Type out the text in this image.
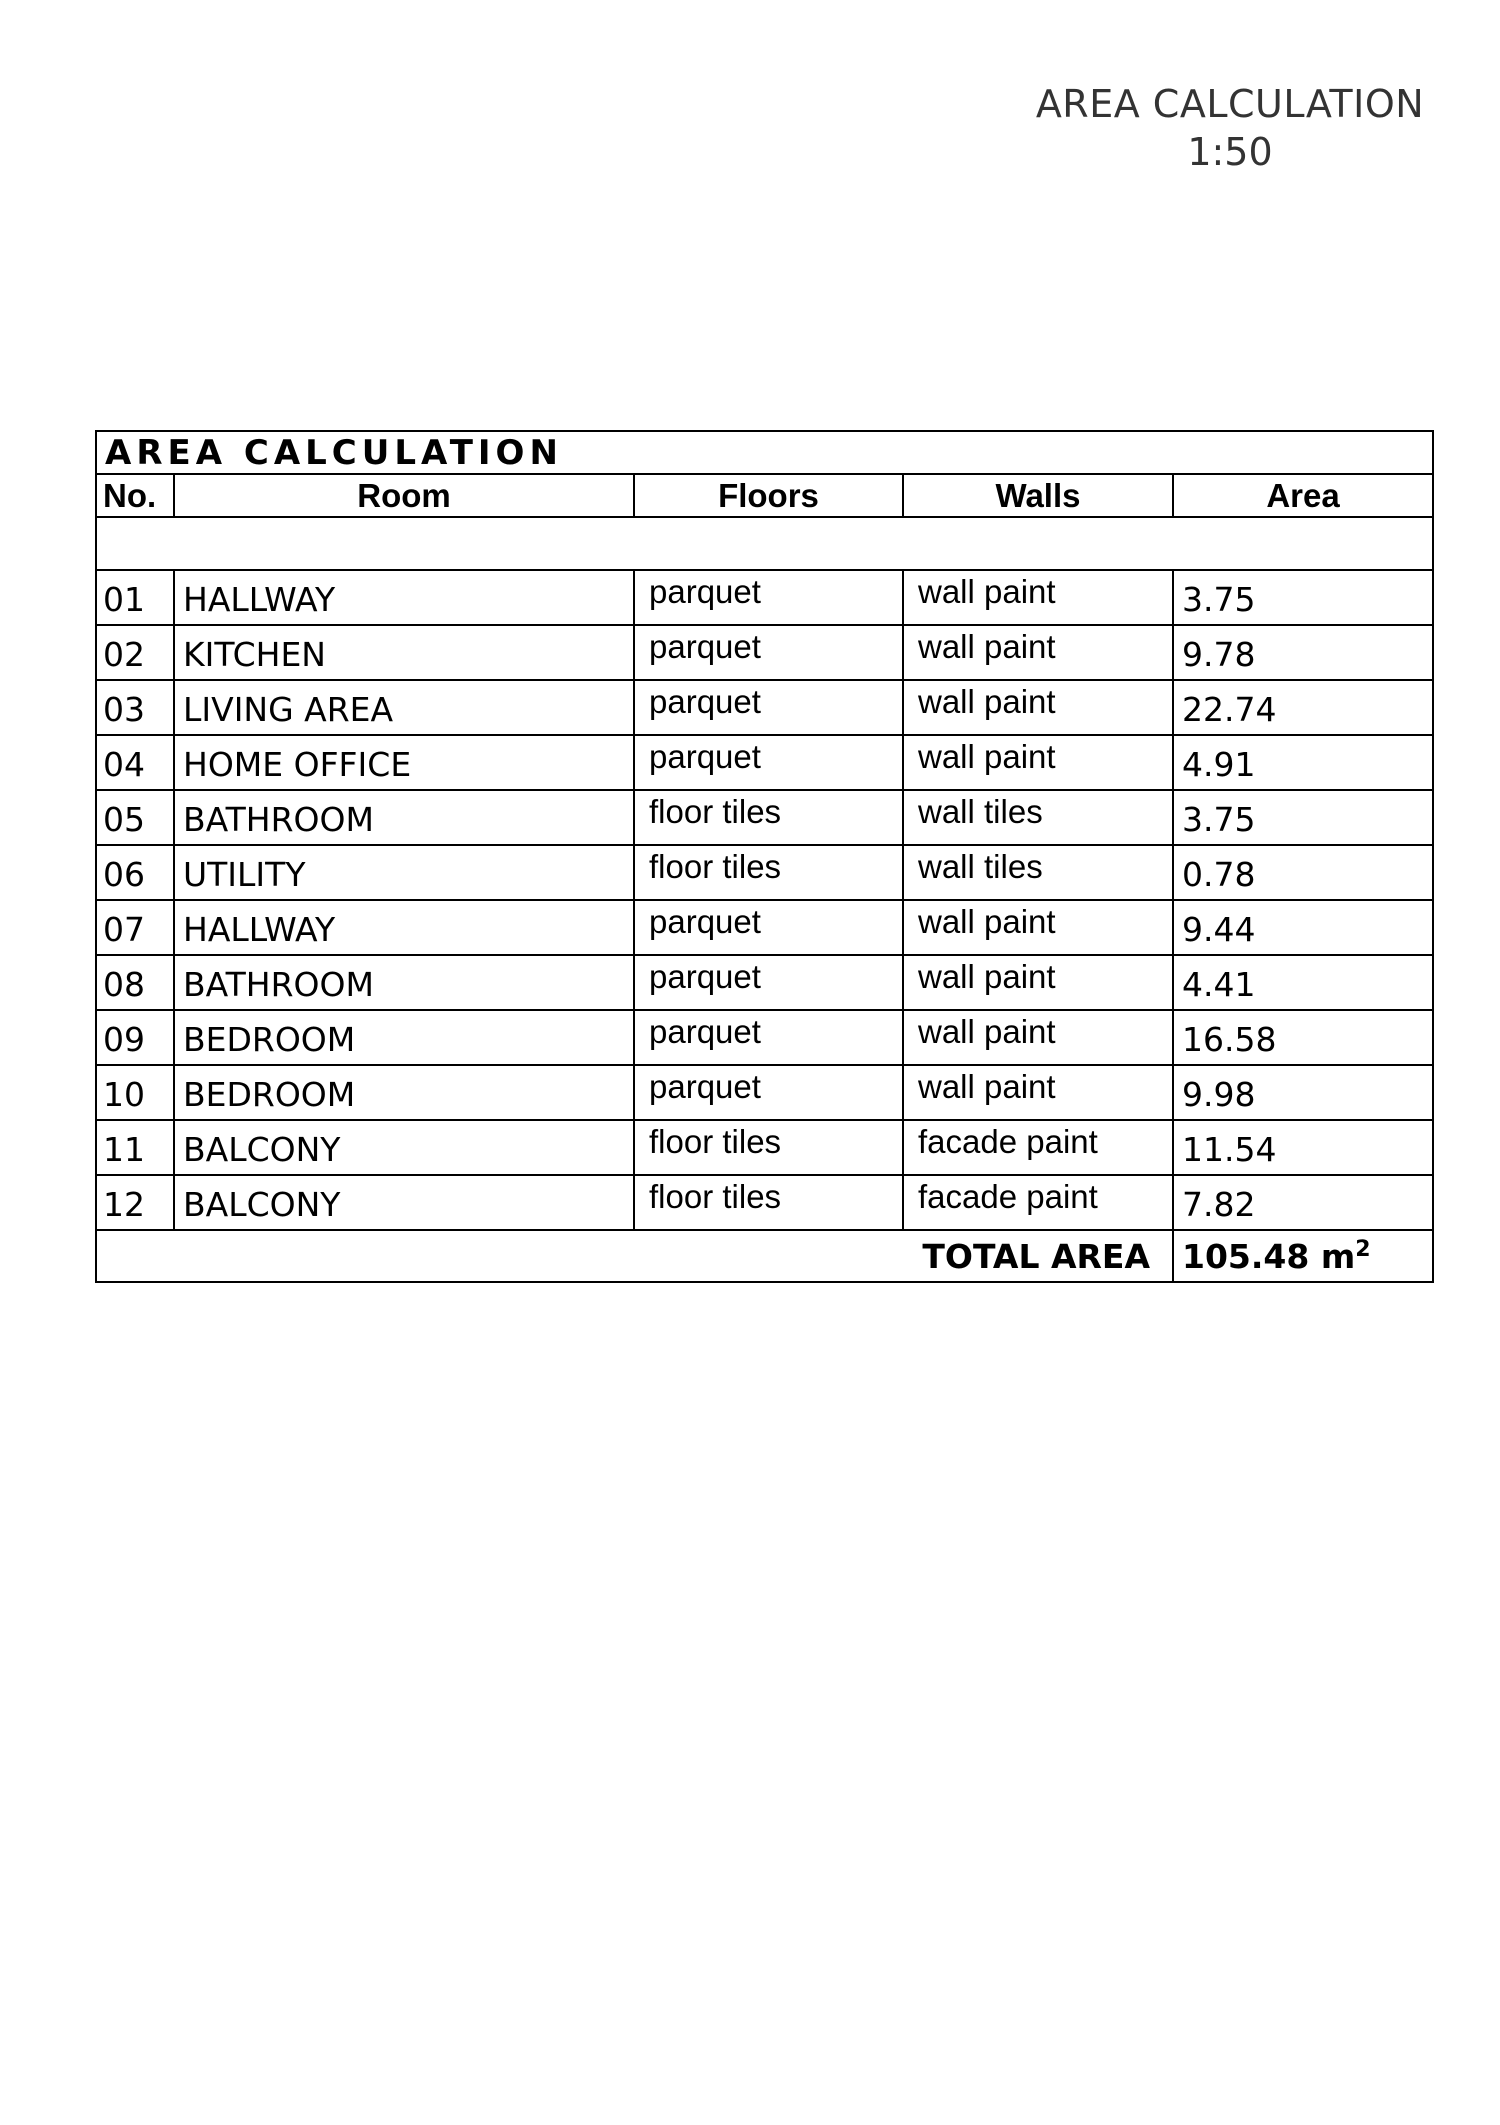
AREA CALCULATION
1:50
AREA CALCULATION				
No.	Room	Floors	Walls	Area

01	HALLWAY	parquet	wall paint	3.75
02	KITCHEN	parquet	wall paint	9.78
03	LIVING AREA	parquet	wall paint	22.74
04	HOME OFFICE	parquet	wall paint	4.91
05	BATHROOM	floor tiles	wall tiles	3.75
06	UTILITY	floor tiles	wall tiles	0.78
07	HALLWAY	parquet	wall paint	9.44
08	BATHROOM	parquet	wall paint	4.41
09	BEDROOM	parquet	wall paint	16.58
10	BEDROOM	parquet	wall paint	9.98
11	BALCONY	floor tiles	facade paint	11.54
12	BALCONY	floor tiles	facade paint	7.82
TOTAL AREA				105.48 $m^2$
